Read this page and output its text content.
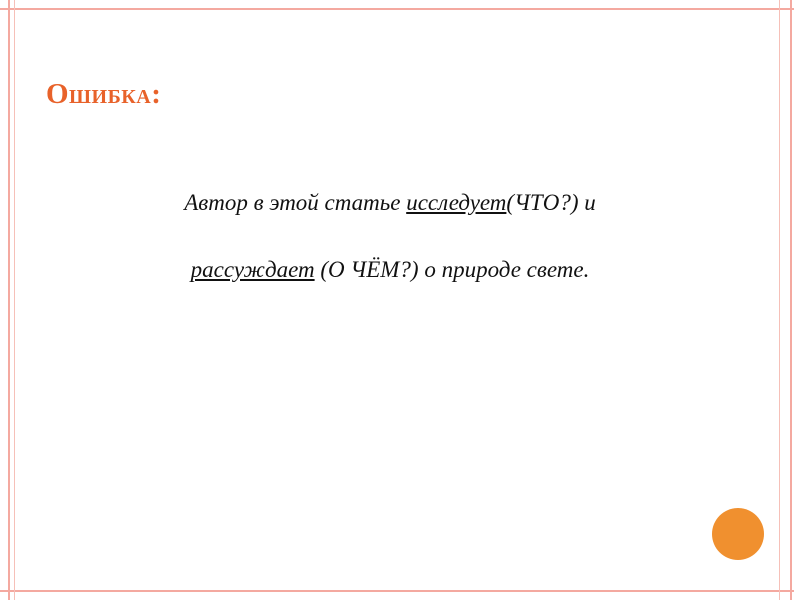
Ошибка:
Автор в этой статье исследует(ЧТО?) и
рассуждает (О ЧЁМ?) о природе свете.
